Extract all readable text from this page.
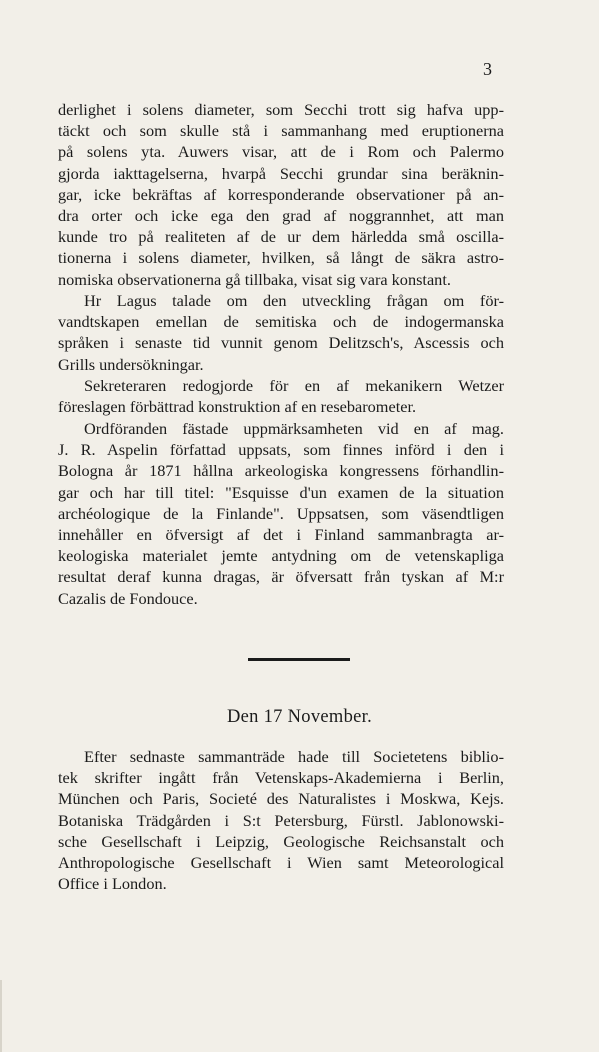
3
derlighet i solens diameter, som Secchi trott sig hafva upp-
täckt och som skulle stå i sammanhang med eruptionerna
på solens yta. Auwers visar, att de i Rom och Palermo
gjorda iakttagelserna, hvarpå Secchi grundar sina beräknin-
gar, icke bekräftas af korresponderande observationer på an-
dra orter och icke ega den grad af noggrannhet, att man
kunde tro på realiteten af de ur dem härledda små oscilla-
tionerna i solens diameter, hvilken, så långt de säkra astro-
nomiska observationerna gå tillbaka, visat sig vara konstant.
Hr Lagus talade om den utveckling frågan om för-
vandtskapen emellan de semitiska och de indogermanska
språken i senaste tid vunnit genom Delitzsch's, Ascessis och
Grills undersökningar.
Sekreteraren redogjorde för en af mekanikern Wetzer
föreslagen förbättrad konstruktion af en resebarometer.
Ordföranden fästade uppmärksamheten vid en af mag.
J. R. Aspelin författad uppsats, som finnes införd i den i
Bologna år 1871 hållna arkeologiska kongressens förhandlin-
gar och har till titel: "Esquisse d'un examen de la situation
archéologique de la Finlande". Uppsatsen, som väsendtligen
innehåller en öfversigt af det i Finland sammanbragta ar-
keologiska materialet jemte antydning om de vetenskapliga
resultat deraf kunna dragas, är öfversatt från tyskan af M:r
Cazalis de Fondouce.
Den 17 November.
Efter sednaste sammanträde hade till Societetens biblio-
tek skrifter ingått från Vetenskaps-Akademierna i Berlin,
München och Paris, Societé des Naturalistes i Moskwa, Kejs.
Botaniska Trädgården i S:t Petersburg, Fürstl. Jablonowski-
sche Gesellschaft i Leipzig, Geologische Reichsanstalt och
Anthropologische Gesellschaft i Wien samt Meteorological
Office i London.
